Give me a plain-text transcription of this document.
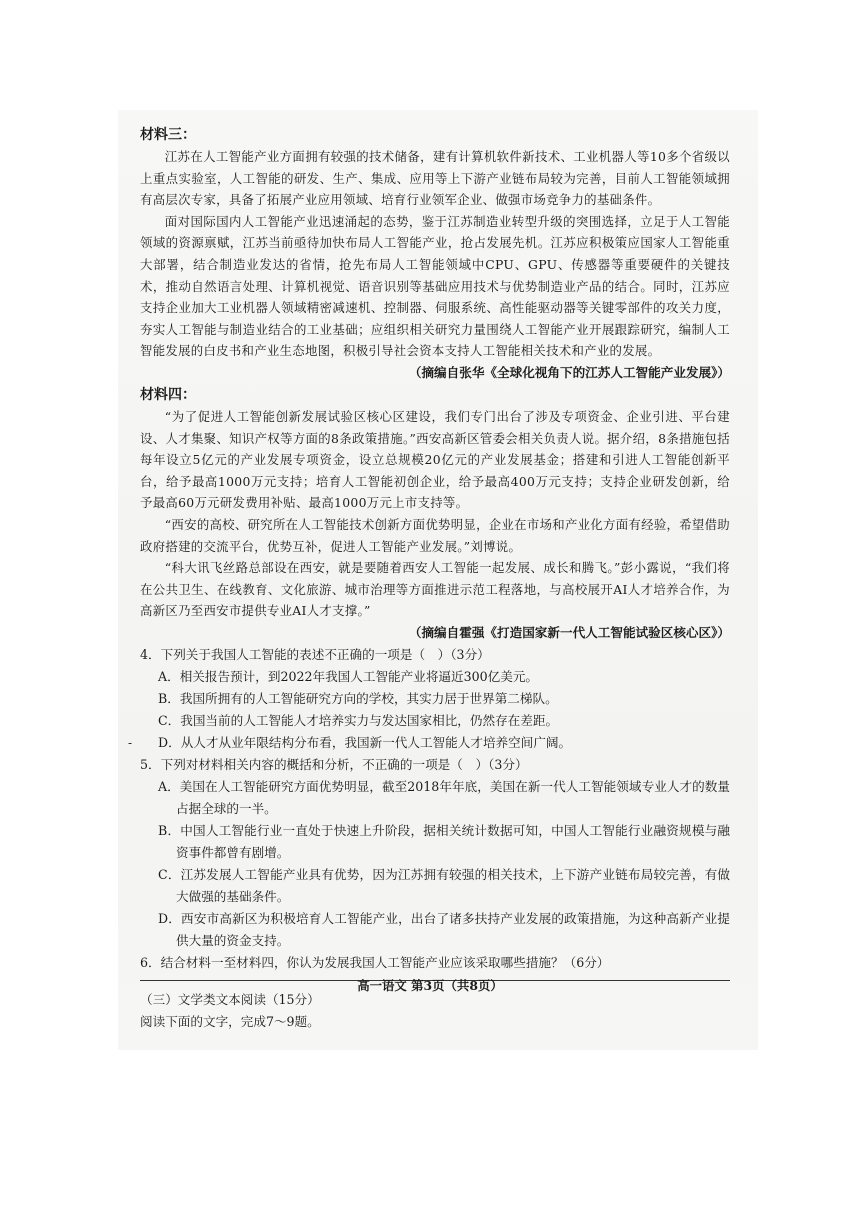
材料三：

江苏在人工智能产业方面拥有较强的技术储备，建有计算机软件新技术、工业机器人等10多个省级以上重点实验室，人工智能的研发、生产、集成、应用等上下游产业链布局较为完善，目前人工智能领域拥有高层次专家，具备了拓展产业应用领域、培育行业领军企业、做强市场竞争力的基础条件。

面对国际国内人工智能产业迅速涌起的态势，鉴于江苏制造业转型升级的突围选择，立足于人工智能领域的资源禀赋，江苏当前亟待加快布局人工智能产业，抢占发展先机。江苏应积极策应国家人工智能重大部署，结合制造业发达的省情，抢先布局人工智能领域中CPU、GPU、传感器等重要硬件的关键技术，推动自然语言处理、计算机视觉、语音识别等基础应用技术与优势制造业产品的结合。同时，江苏应支持企业加大工业机器人领域精密减速机、控制器、伺服系统、高性能驱动器等关键零部件的攻关力度，夯实人工智能与制造业结合的工业基础；应组织相关研究力量围绕人工智能产业开展跟踪研究，编制人工智能发展的白皮书和产业生态地图，积极引导社会资本支持人工智能相关技术和产业的发展。

（摘编自张华《全球化视角下的江苏人工智能产业发展》）
材料四：

“为了促进人工智能创新发展试验区核心区建设，我们专门出台了涉及专项资金、企业引进、平台建设、人才集聚、知识产权等方面的8条政策措施。”西安高新区管委会相关负责人说。据介绍，8条措施包括每年设立5亿元的产业发展专项资金，设立总规模20亿元的产业发展基金；搭建和引进人工智能创新平台，给予最高1000万元支持；培育人工智能初创企业，给予最高400万元支持；支持企业研发创新，给予最高60万元研发费用补贴、最高1000万元上市支持等。

“西安的高校、研究所在人工智能技术创新方面优势明显，企业在市场和产业化方面有经验，希望借助政府搭建的交流平台，优势互补，促进人工智能产业发展。”刘博说。

“科大讯飞丝路总部设在西安，就是要随着西安人工智能一起发展、成长和腾飞。”彭小露说，“我们将在公共卫生、在线教育、文化旅游、城市治理等方面推进示范工程落地，与高校展开AI人才培养合作，为高新区乃至西安市提供专业AI人才支撑。”

（摘编自霍强《打造国家新一代人工智能试验区核心区》）

4．下列关于我国人工智能的表述不正确的一项是（　）（3分）

A．相关报告预计，到2022年我国人工智能产业将逼近300亿美元。

B．我国所拥有的人工智能研究方向的学校，其实力居于世界第二梯队。

C．我国当前的人工智能人才培养实力与发达国家相比，仍然存在差距。

D．从人才从业年限结构分布看，我国新一代人工智能人才培养空间广阔。

5．下列对材料相关内容的概括和分析，不正确的一项是（　）（3分）

A．美国在人工智能研究方面优势明显，截至2018年年底，美国在新一代人工智能领域专业人才的数量占据全球的一半。

B．中国人工智能行业一直处于快速上升阶段，据相关统计数据可知，中国人工智能行业融资规模与融资事件都曾有剧增。

C．江苏发展人工智能产业具有优势，因为江苏拥有较强的相关技术，上下游产业链布局较完善，有做大做强的基础条件。

D．西安市高新区为积极培育人工智能产业，出台了诸多扶持产业发展的政策措施，为这种高新产业提供大量的资金支持。

6．结合材料一至材料四，你认为发展我国人工智能产业应该采取哪些措施？（6分）

（三）文学类文本阅读（15分）
阅读下面的文字，完成7～9题。
高一语文 第3页（共8页）
